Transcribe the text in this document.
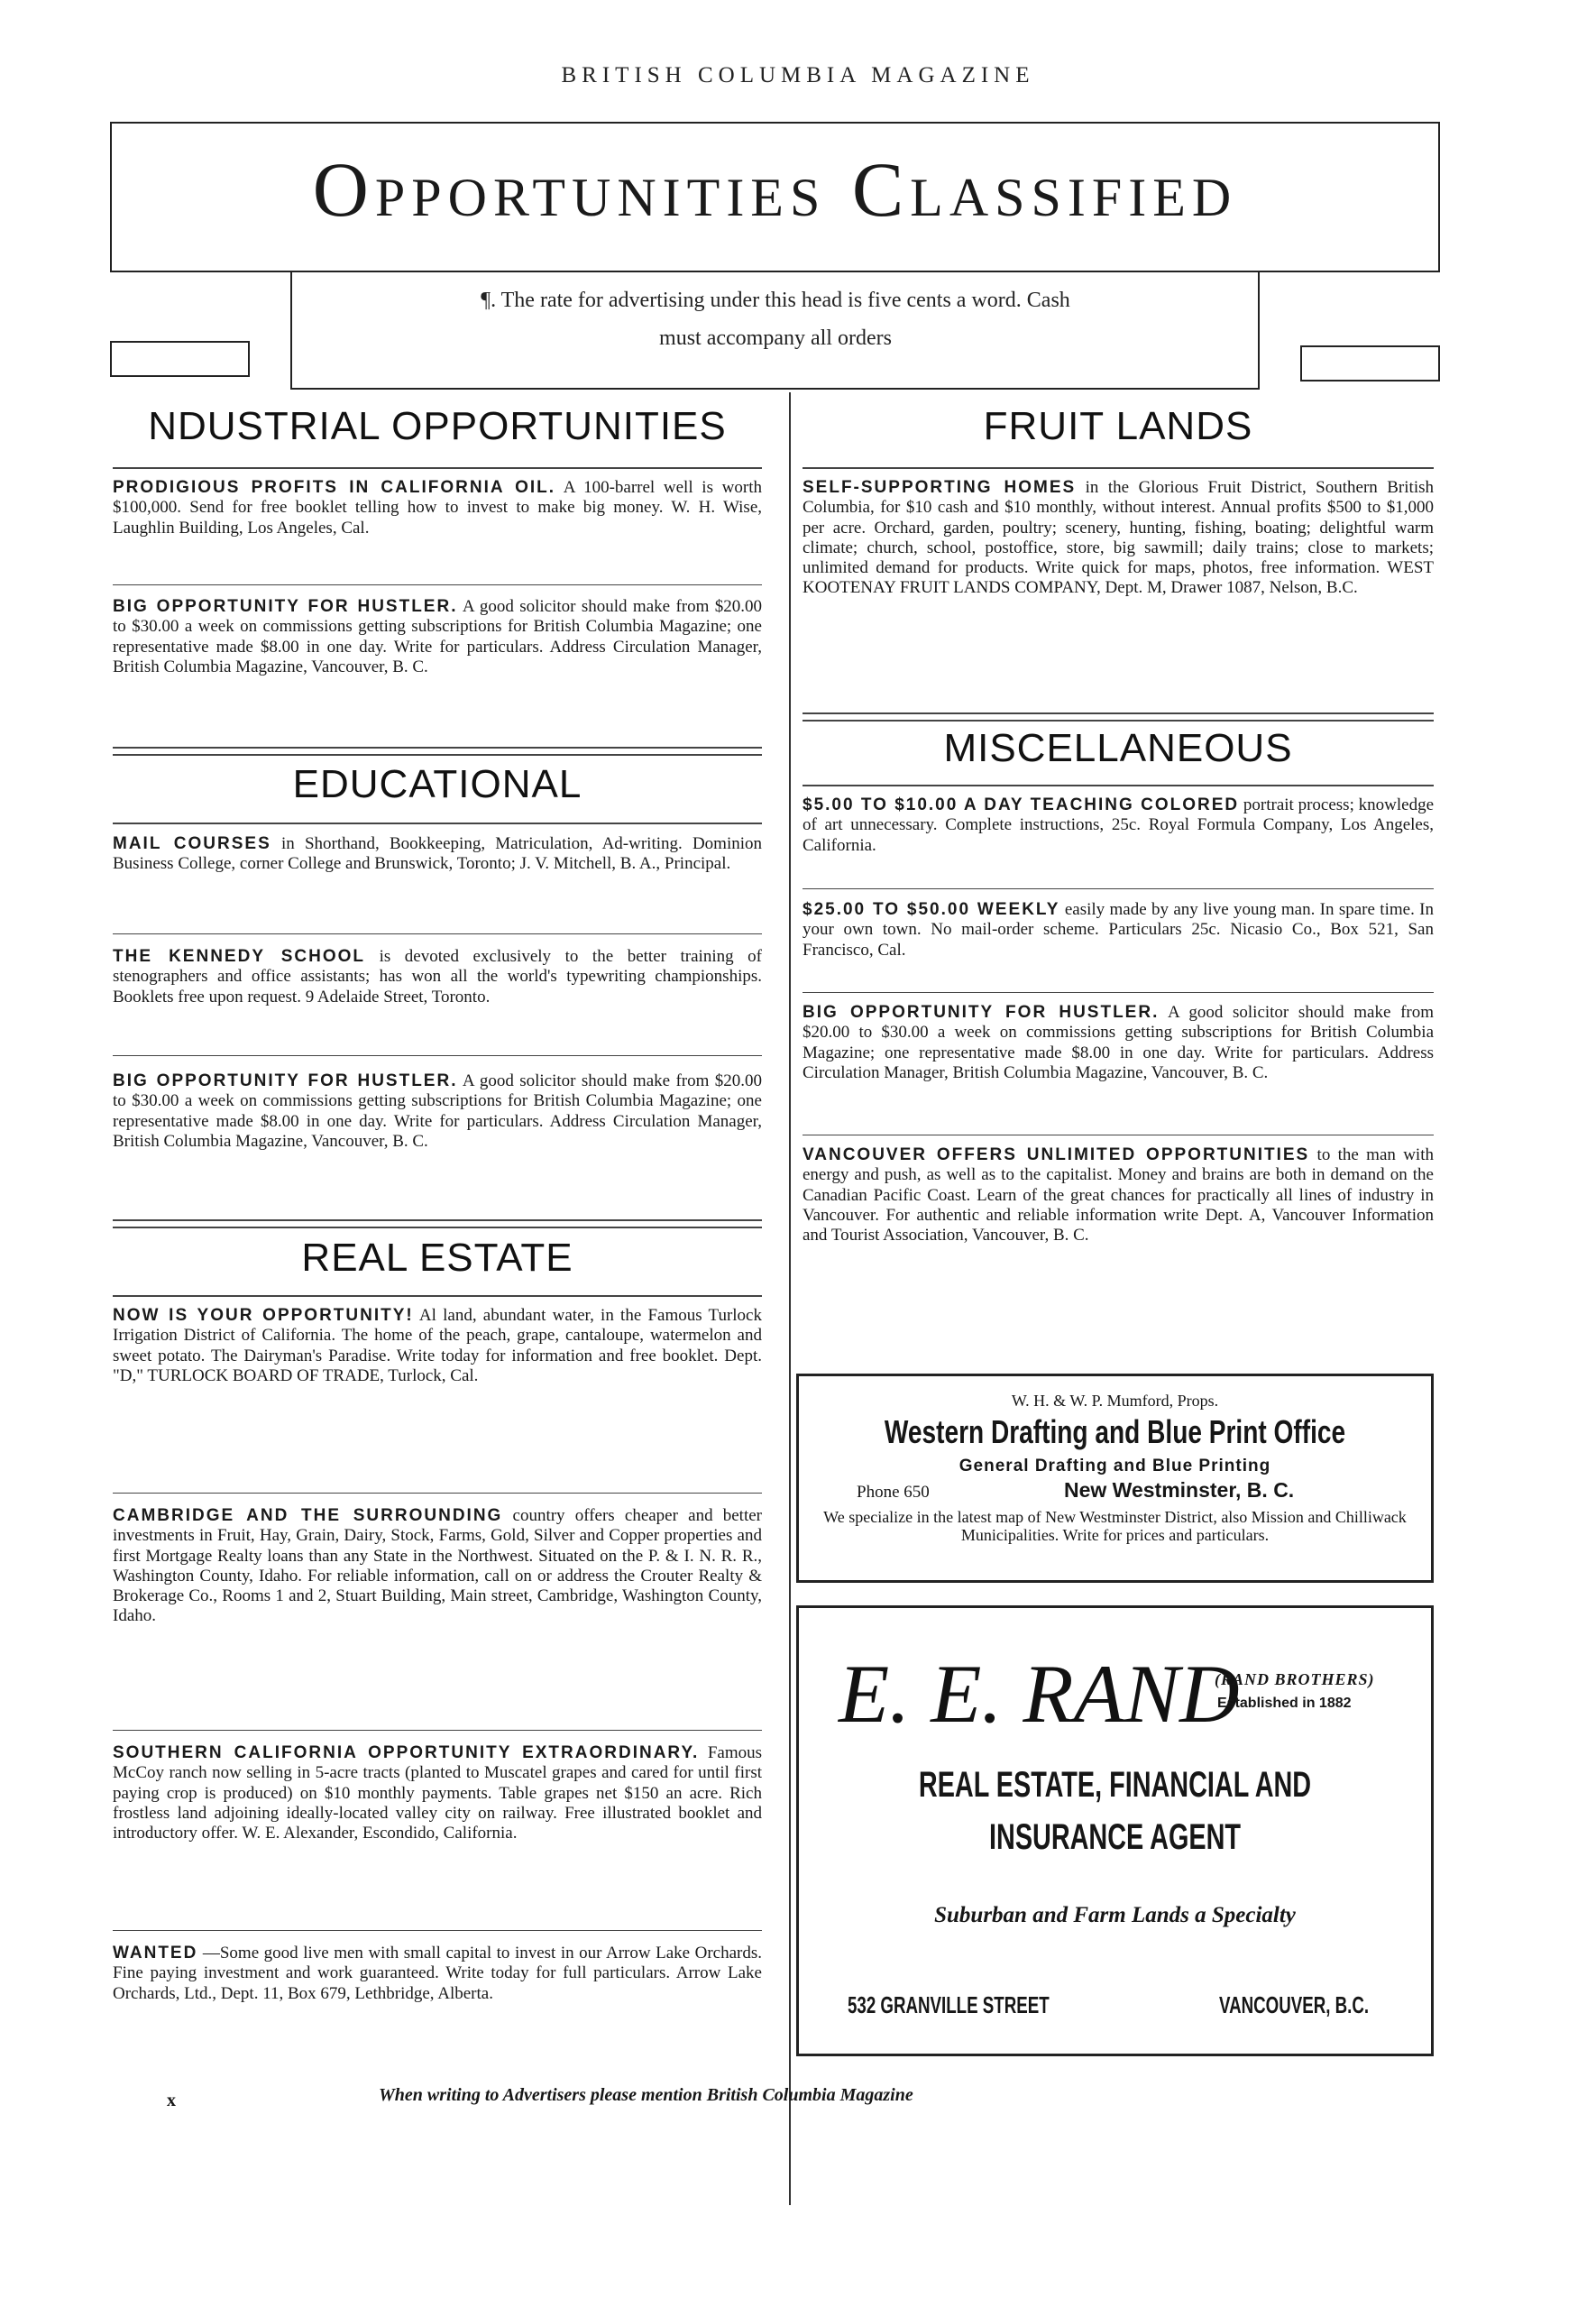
BRITISH COLUMBIA MAGAZINE
Opportunities Classified
¶. The rate for advertising under this head is five cents a word. Cash
must accompany all orders
NDUSTRIAL OPPORTUNITIES
PRODIGIOUS PROFITS IN CALIFORNIA OIL. A 100-barrel well is worth $100,000. Send for free booklet telling how to invest to make big money. W. H. Wise, Laughlin Building, Los Angeles, Cal.
BIG OPPORTUNITY FOR HUSTLER. A good solicitor should make from $20.00 to $30.00 a week on commissions getting subscriptions for British Columbia Magazine; one representative made $8.00 in one day. Write for particulars. Address Circulation Manager, British Columbia Magazine, Vancouver, B. C.
EDUCATIONAL
MAIL COURSES in Shorthand, Bookkeeping, Matriculation, Ad-writing. Dominion Business College, corner College and Brunswick, Toronto; J. V. Mitchell, B. A., Principal.
THE KENNEDY SCHOOL is devoted exclusively to the better training of stenographers and office assistants; has won all the world's typewriting championships. Booklets free upon request. 9 Adelaide Street, Toronto.
BIG OPPORTUNITY FOR HUSTLER. A good solicitor should make from $20.00 to $30.00 a week on commissions getting subscriptions for British Columbia Magazine; one representative made $8.00 in one day. Write for particulars. Address Circulation Manager, British Columbia Magazine, Vancouver, B. C.
REAL ESTATE
NOW IS YOUR OPPORTUNITY! Al land, abundant water, in the Famous Turlock Irrigation District of California. The home of the peach, grape, cantaloupe, watermelon and sweet potato. The Dairyman's Paradise. Write today for information and free booklet. Dept. "D," TURLOCK BOARD OF TRADE, Turlock, Cal.
CAMBRIDGE AND THE SURROUNDING country offers cheaper and better investments in Fruit, Hay, Grain, Dairy, Stock, Farms, Gold, Silver and Copper properties and first Mortgage Realty loans than any State in the Northwest. Situated on the P. & I. N. R. R., Washington County, Idaho. For reliable information, call on or address the Crouter Realty & Brokerage Co., Rooms 1 and 2, Stuart Building, Main street, Cambridge, Washington County, Idaho.
SOUTHERN CALIFORNIA OPPORTUNITY EXTRAORDINARY. Famous McCoy ranch now selling in 5-acre tracts (planted to Muscatel grapes and cared for until first paying crop is produced) on $10 monthly payments. Table grapes net $150 an acre. Rich frostless land adjoining ideally-located valley city on railway. Free illustrated booklet and introductory offer. W. E. Alexander, Escondido, California.
WANTED —Some good live men with small capital to invest in our Arrow Lake Orchards. Fine paying investment and work guaranteed. Write today for full particulars. Arrow Lake Orchards, Ltd., Dept. 11, Box 679, Lethbridge, Alberta.
FRUIT LANDS
SELF-SUPPORTING HOMES in the Glorious Fruit District, Southern British Columbia, for $10 cash and $10 monthly, without interest. Annual profits $500 to $1,000 per acre. Orchard, garden, poultry; scenery, hunting, fishing, boating; delightful warm climate; church, school, postoffice, store, big sawmill; daily trains; close to markets; unlimited demand for products. Write quick for maps, photos, free information. WEST KOOTENAY FRUIT LANDS COMPANY, Dept. M, Drawer 1087, Nelson, B.C.
MISCELLANEOUS
$5.00 TO $10.00 A DAY TEACHING COLORED portrait process; knowledge of art unnecessary. Complete instructions, 25c. Royal Formula Company, Los Angeles, California.
$25.00 TO $50.00 WEEKLY easily made by any live young man. In spare time. In your own town. No mail-order scheme. Particulars 25c. Nicasio Co., Box 521, San Francisco, Cal.
BIG OPPORTUNITY FOR HUSTLER. A good solicitor should make from $20.00 to $30.00 a week on commissions getting subscriptions for British Columbia Magazine; one representative made $8.00 in one day. Write for particulars. Address Circulation Manager, British Columbia Magazine, Vancouver, B. C.
VANCOUVER OFFERS UNLIMITED OPPORTUNITIES to the man with energy and push, as well as to the capitalist. Money and brains are both in demand on the Canadian Pacific Coast. Learn of the great chances for practically all lines of industry in Vancouver. For authentic and reliable information write Dept. A, Vancouver Information and Tourist Association, Vancouver, B. C.
W. H. & W. P. Mumford, Props.
Western Drafting and Blue Print Office
General Drafting and Blue Printing
Phone 650	New Westminster, B. C.
We specialize in the latest map of New Westminster District, also Mission and Chilliwack Municipalities. Write for prices and particulars.
E. E. RAND
(RAND BROTHERS)
Established in 1882
REAL ESTATE, FINANCIAL AND
INSURANCE AGENT
Suburban and Farm Lands a Specialty
532 GRANVILLE STREET	VANCOUVER, B.C.
x	When writing to Advertisers please mention British Columbia Magazine
